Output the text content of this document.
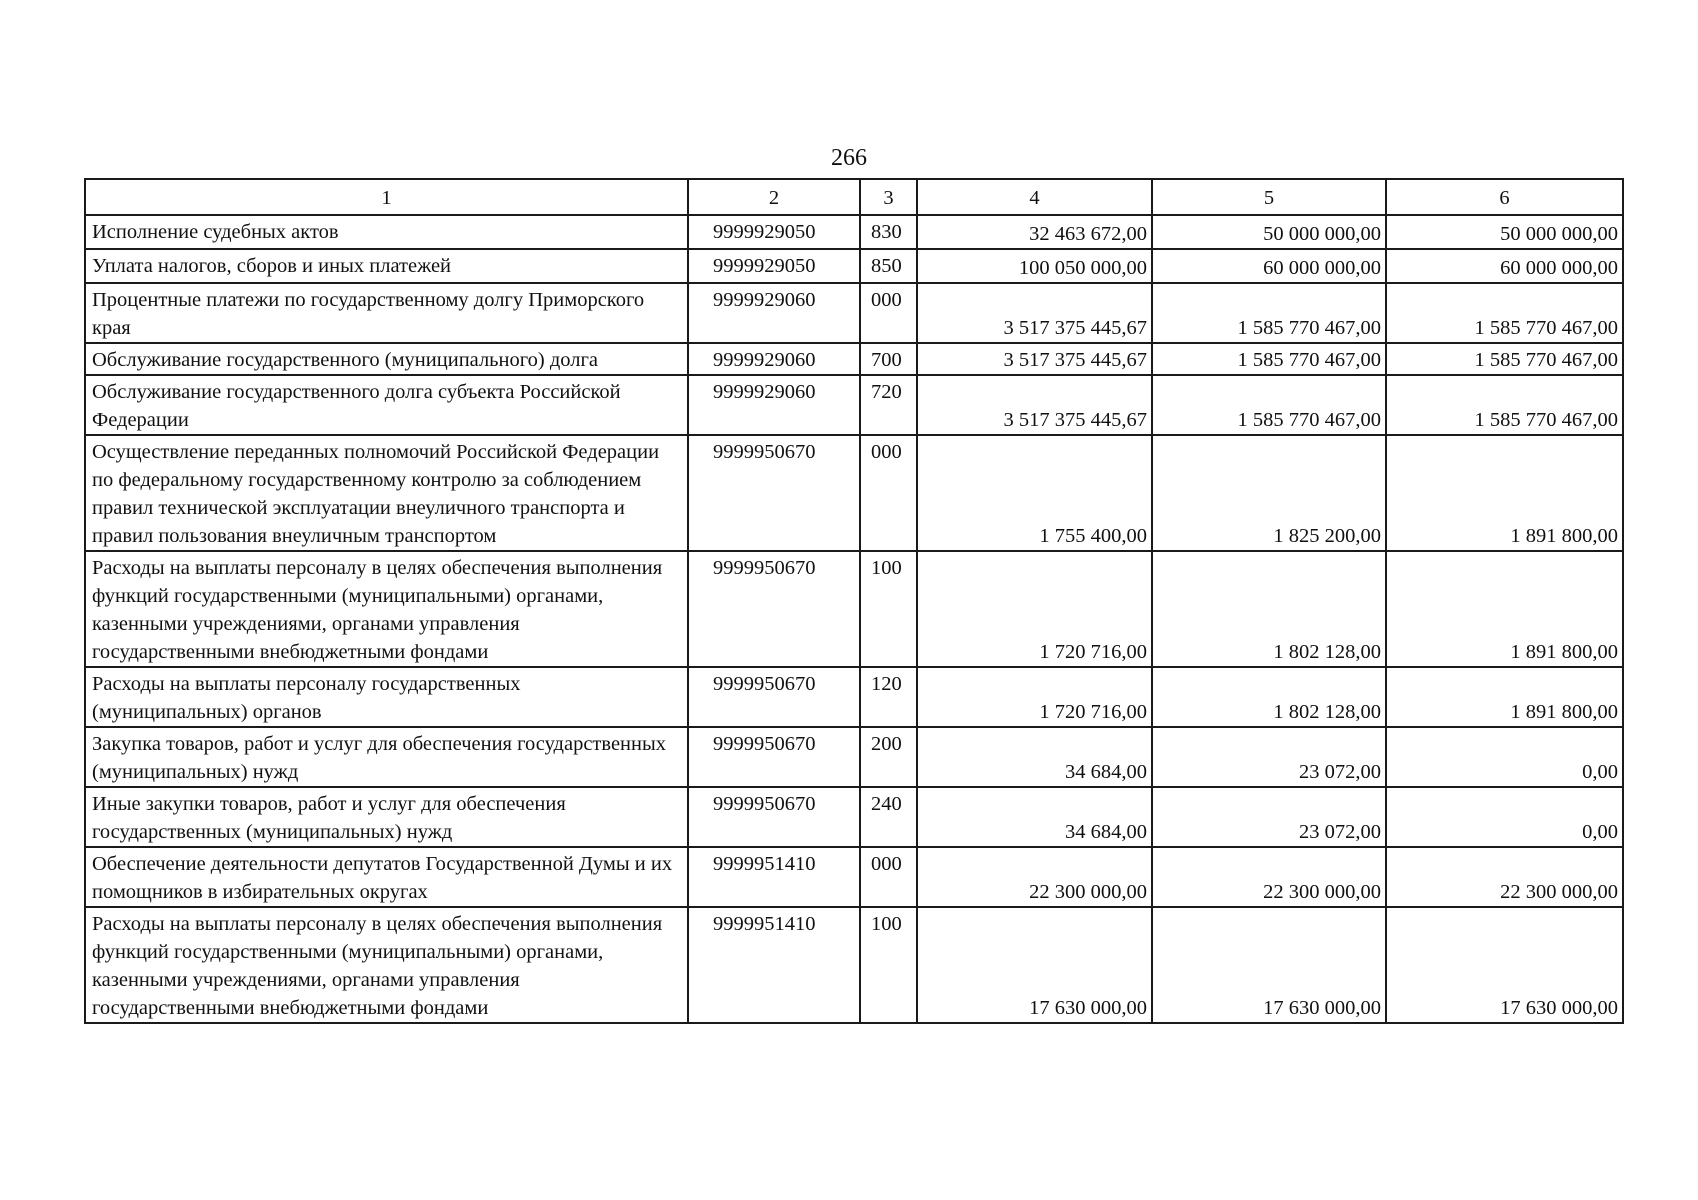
266
1	2	3	4	5	6
Исполнение судебных актов	9999929050	830	32 463 672,00	50 000 000,00	50 000 000,00
Уплата налогов, сборов и иных платежей	9999929050	850	100 050 000,00	60 000 000,00	60 000 000,00
Процентные платежи по государственному долгу Приморского края	9999929060	000	3 517 375 445,67	1 585 770 467,00	1 585 770 467,00
Обслуживание государственного (муниципального) долга	9999929060	700	3 517 375 445,67	1 585 770 467,00	1 585 770 467,00
Обслуживание государственного долга субъекта Российской Федерации	9999929060	720	3 517 375 445,67	1 585 770 467,00	1 585 770 467,00
Осуществление переданных полномочий Российской Федерации по федеральному государственному контролю за соблюдением правил технической эксплуатации внеуличного транспорта и правил пользования внеуличным транспортом	9999950670	000	1 755 400,00	1 825 200,00	1 891 800,00
Расходы на выплаты персоналу в целях обеспечения выполнения функций государственными (муниципальными) органами, казенными учреждениями, органами управления государственными внебюджетными фондами	9999950670	100	1 720 716,00	1 802 128,00	1 891 800,00
Расходы на выплаты персоналу государственных (муниципальных) органов	9999950670	120	1 720 716,00	1 802 128,00	1 891 800,00
Закупка товаров, работ и услуг для обеспечения государственных (муниципальных) нужд	9999950670	200	34 684,00	23 072,00	0,00
Иные закупки товаров, работ и услуг для обеспечения государственных (муниципальных) нужд	9999950670	240	34 684,00	23 072,00	0,00
Обеспечение деятельности депутатов Государственной Думы и их помощников в избирательных округах	9999951410	000	22 300 000,00	22 300 000,00	22 300 000,00
Расходы на выплаты персоналу в целях обеспечения выполнения функций государственными (муниципальными) органами, казенными учреждениями, органами управления государственными внебюджетными фондами	9999951410	100	17 630 000,00	17 630 000,00	17 630 000,00
